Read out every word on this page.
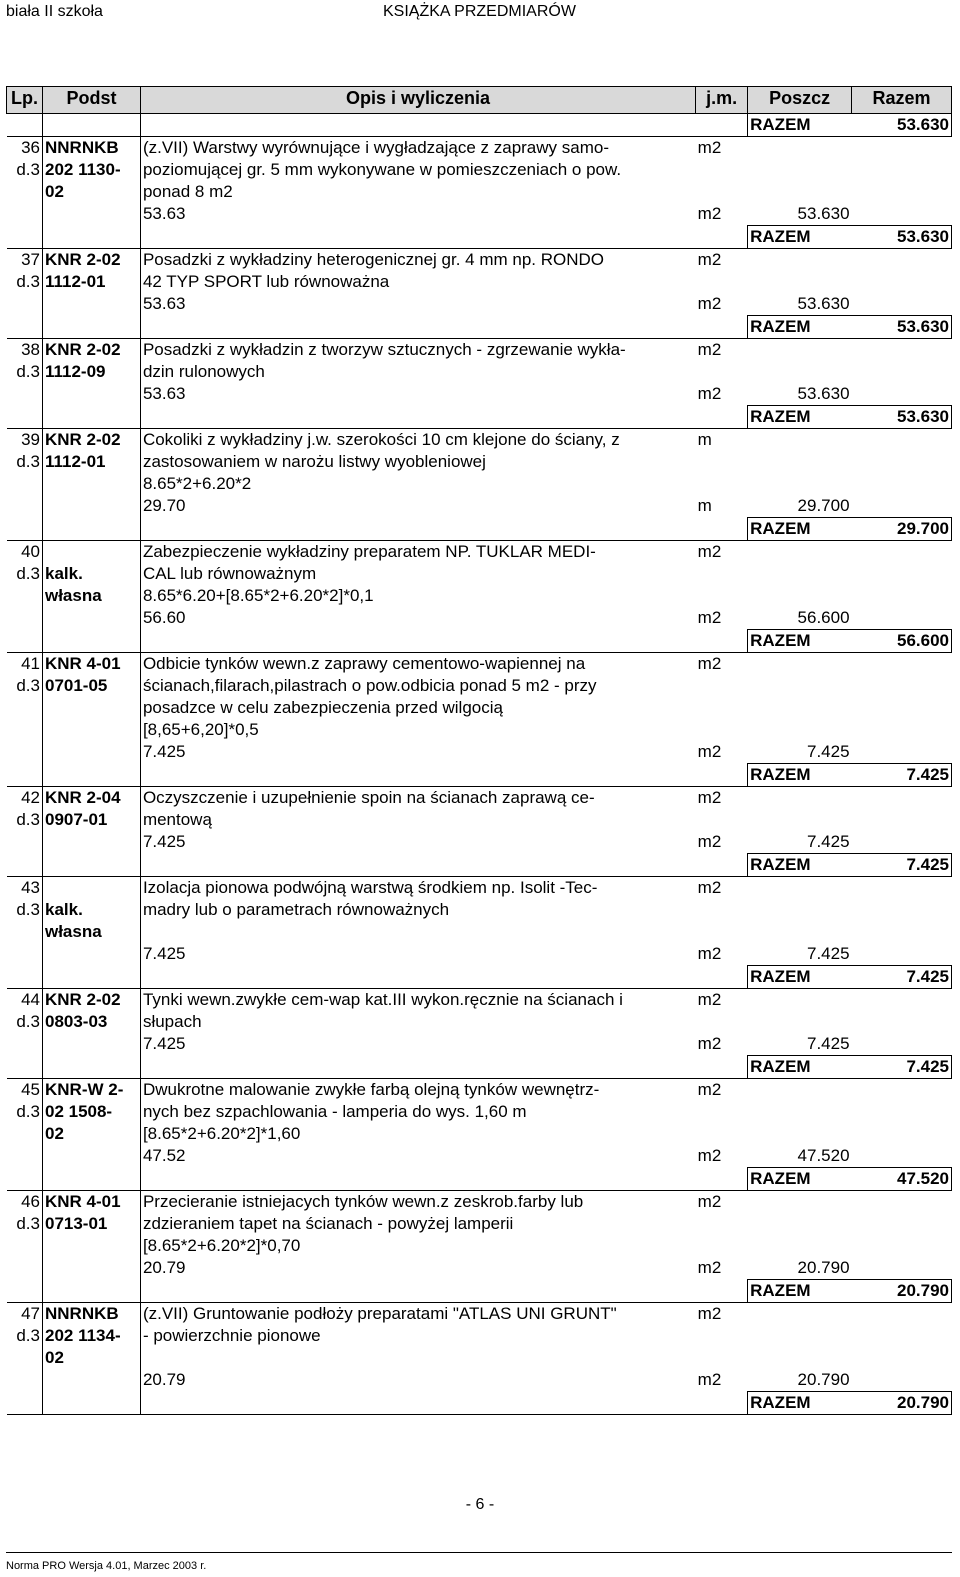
biała II szkoła	KSIĄŻKA PRZEDMIARÓW
Lp.	Podst	Opis i wyliczenia	j.m.	Poszcz	Razem
				RAZEM	53.630
36	NNRNKB	(z.VII) Warstwy wyrównujące i wygładzające z zaprawy samo-	m2		
d.3	202 1130-	poziomującej gr. 5 mm wykonywane w pomieszczeniach o pow.			
	02	ponad 8 m2			
		53.63	m2	53.630	
				RAZEM	53.630
37	KNR 2-02	Posadzki z wykładziny heterogenicznej gr. 4 mm np. RONDO	m2		
d.3	1112-01	42 TYP SPORT lub równoważna			
		53.63	m2	53.630	
				RAZEM	53.630
38	KNR 2-02	Posadzki z wykładzin z tworzyw sztucznych - zgrzewanie wykła-	m2		
d.3	1112-09	dzin rulonowych			
		53.63	m2	53.630	
				RAZEM	53.630
39	KNR 2-02	Cokoliki z wykładziny j.w. szerokości 10 cm klejone do ściany, z	m		
d.3	1112-01	zastosowaniem w narożu listwy wyobleniowej			
		8.65*2+6.20*2			
		29.70	m	29.700	
				RAZEM	29.700
40		Zabezpieczenie wykładziny preparatem NP. TUKLAR MEDI-	m2		
d.3	kalk.	CAL lub równoważnym			
	własna	8.65*6.20+[8.65*2+6.20*2]*0,1			
		56.60	m2	56.600	
				RAZEM	56.600
41	KNR 4-01	Odbicie tynków wewn.z zaprawy cementowo-wapiennej na	m2		
d.3	0701-05	ścianach,filarach,pilastrach o pow.odbicia ponad 5 m2 - przy			
		posadzce w celu zabezpieczenia przed wilgocią			
		[8,65+6,20]*0,5			
		7.425	m2	7.425	
				RAZEM	7.425
42	KNR 2-04	Oczyszczenie i uzupełnienie spoin na ścianach zaprawą ce-	m2		
d.3	0907-01	mentową			
		7.425	m2	7.425	
				RAZEM	7.425
43		Izolacja pionowa podwójną warstwą środkiem np. Isolit -Tec-	m2		
d.3	kalk.	madry lub o parametrach równoważnych			
	własna				
		7.425	m2	7.425	
				RAZEM	7.425
44	KNR 2-02	Tynki wewn.zwykłe cem-wap kat.III wykon.ręcznie na ścianach i	m2		
d.3	0803-03	słupach			
		7.425	m2	7.425	
				RAZEM	7.425
45	KNR-W 2-	Dwukrotne malowanie zwykłe farbą olejną tynków wewnętrz-	m2		
d.3	02 1508-	nych bez szpachlowania - lamperia do wys. 1,60 m			
	02	[8.65*2+6.20*2]*1,60			
		47.52	m2	47.520	
				RAZEM	47.520
46	KNR 4-01	Przecieranie istniejacych tynków wewn.z zeskrob.farby lub	m2		
d.3	0713-01	zdzieraniem tapet na ścianach - powyżej lamperii			
		[8.65*2+6.20*2]*0,70			
		20.79	m2	20.790	
				RAZEM	20.790
47	NNRNKB	(z.VII) Gruntowanie podłoży preparatami "ATLAS UNI GRUNT"	m2		
d.3	202 1134-	- powierzchnie pionowe			
	02				
		20.79	m2	20.790	
				RAZEM	20.790
- 6 -
Norma PRO Wersja 4.01, Marzec 2003 r.
